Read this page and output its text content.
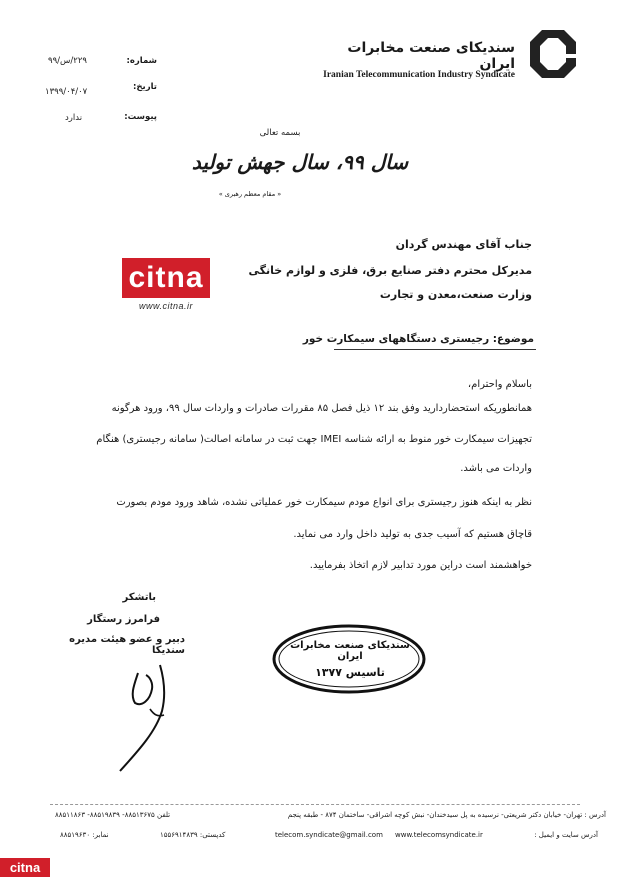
سندیکای صنعت مخابرات ایران
Iranian Telecommunication Industry Syndicate
شماره:
۲۲۹/س/۹۹
تاریخ:
۱۳۹۹/۰۴/۰۷
پیوست:
ندارد
بسمه تعالی
سال ۹۹، سال جهش تولید
« مقام معظم رهبری »
جناب آقای مهندس گردان
مدیرکل محترم دفتر صنایع برق، فلزی و لوازم خانگی
وزارت صنعت،معدن و تجارت
citna
www.citna.ir
موضوع: رجیستری دستگاههای سیمکارت خور
باسلام واحترام،
همانطوریکه استحضاردارید وفق بند ۱۲ ذیل فصل ۸۵ مقررات صادرات و واردات سال ۹۹، ورود هرگونه
تجهیزات سیمکارت خور منوط به ارائه شناسه IMEI جهت ثبت در سامانه اصالت( سامانه رجیستری) هنگام
واردات می باشد.
نظر به اینکه هنوز رجیستری برای انواع مودم سیمکارت خور عملیاتی نشده، شاهد ورود مودم بصورت
قاچاق هستیم که آسیب جدی به تولید داخل وارد می نماید.
خواهشمند است دراین مورد تدابیر لازم اتخاذ بفرمایید.
باتشکر
فرامرز رستگار
دبیر و عضو هیئت مدیره سندیکا	سندیکای صنعت مخابرات ایران
تاسیس ۱۳۷۷
آدرس : تهران- خیابان دکتر شریعتی- نرسیده به پل سیدخندان- نبش کوچه اشراقی- ساختمان ۸۷۴ - طبقه پنجم
تلفن ۸۸۵۱۳۶۷۵- ۸۸۵۱۹۸۳۹- ۸۸۵۱۱۸۶۳
آدرس سایت و ایمیل :
www.telecomsyndicate.ir
telecom.syndicate@gmail.com
کدپستی: ۱۵۵۶۹۱۴۸۳۹
نمابر: ۸۸۵۱۹۶۳۰
citna
